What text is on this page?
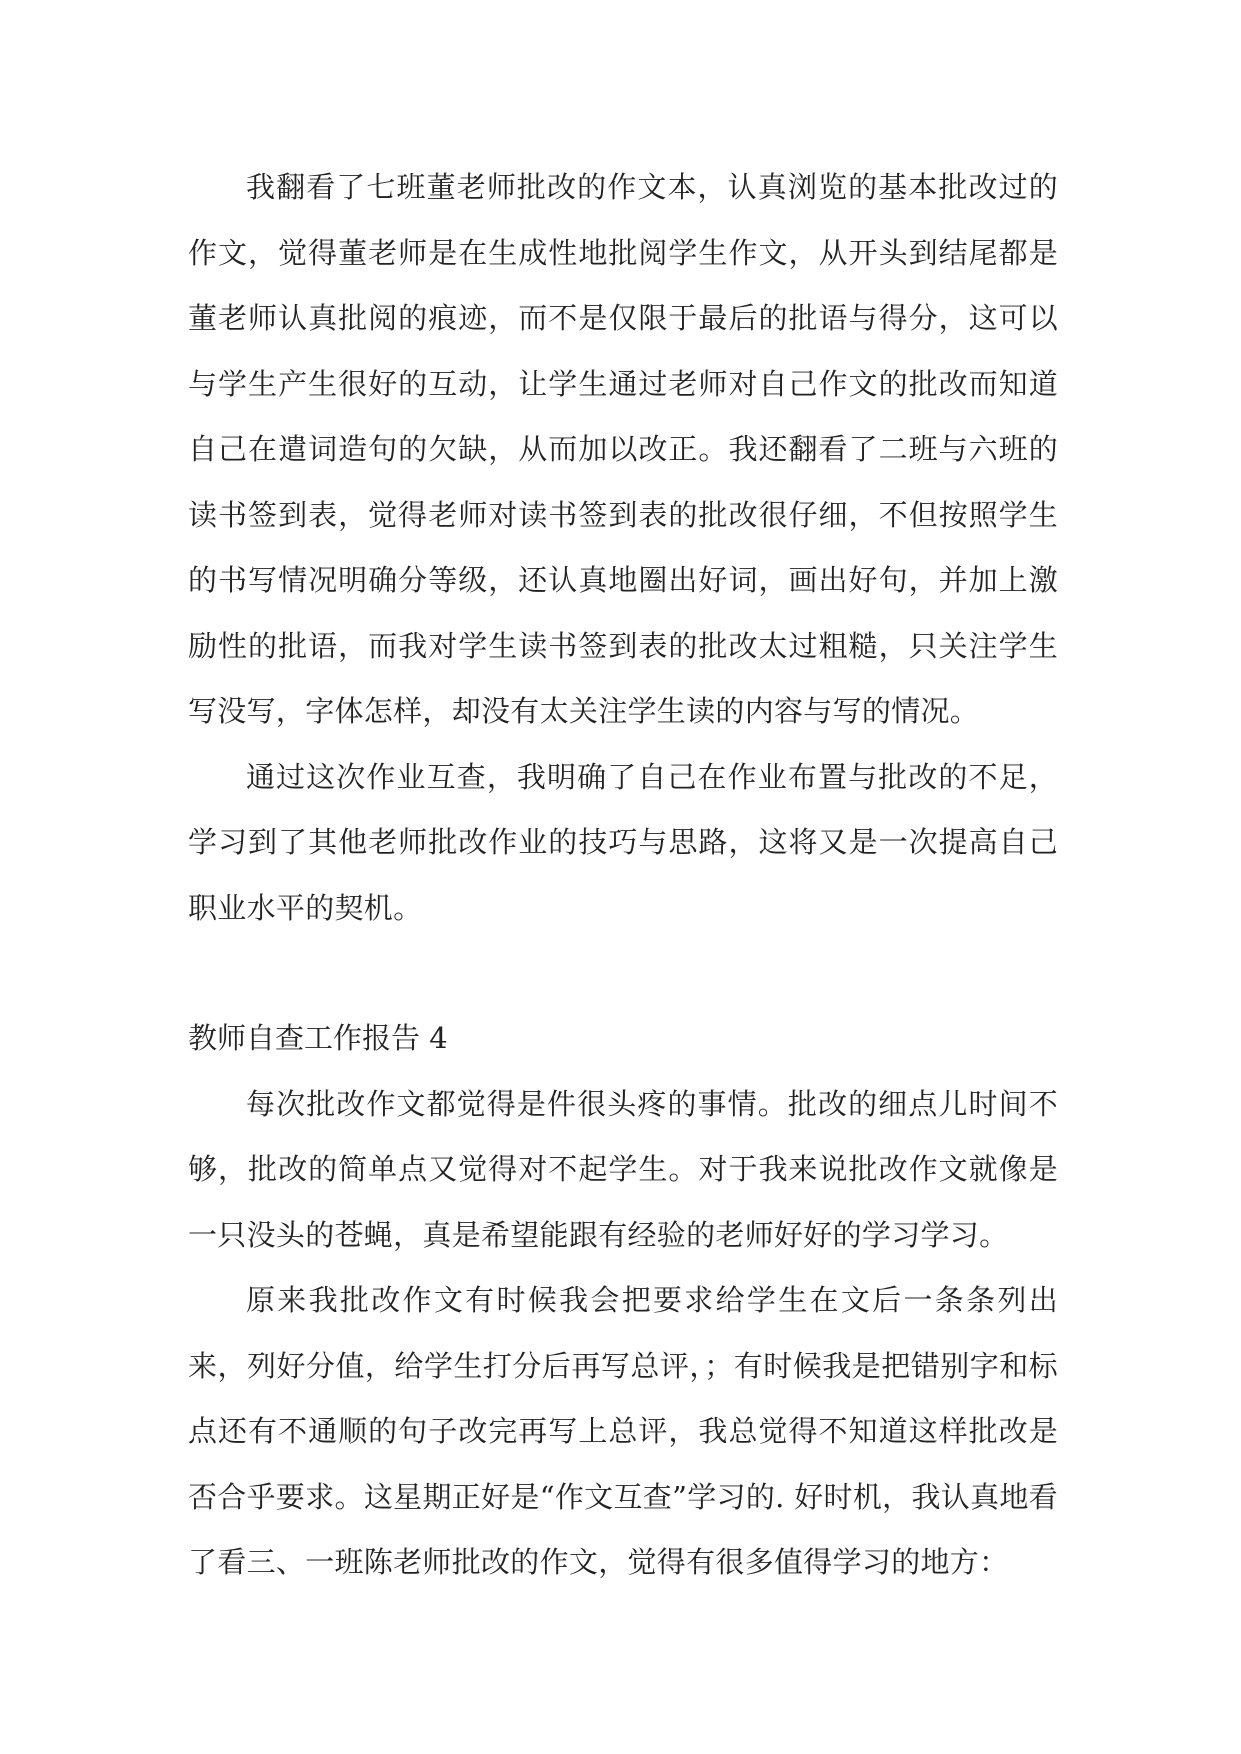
我翻看了七班董老师批改的作文本，认真浏览的基本批改过的作文，觉得董老师是在生成性地批阅学生作文，从开头到结尾都是董老师认真批阅的痕迹，而不是仅限于最后的批语与得分，这可以与学生产生很好的互动，让学生通过老师对自己作文的批改而知道自己在遣词造句的欠缺，从而加以改正。我还翻看了二班与六班的读书签到表，觉得老师对读书签到表的批改很仔细，不但按照学生的书写情况明确分等级，还认真地圈出好词，画出好句，并加上激励性的批语，而我对学生读书签到表的批改太过粗糙，只关注学生写没写，字体怎样，却没有太关注学生读的内容与写的情况。

通过这次作业互查，我明确了自己在作业布置与批改的不足，学习到了其他老师批改作业的技巧与思路，这将又是一次提高自己职业水平的契机。

教师自查工作报告 4

每次批改作文都觉得是件很头疼的事情。批改的细点儿时间不够，批改的简单点又觉得对不起学生。对于我来说批改作文就像是一只没头的苍蝇，真是希望能跟有经验的老师好好的学习学习。

原来我批改作文有时候我会把要求给学生在文后一条条列出来，列好分值，给学生打分后再写总评，；有时候我是把错别字和标点还有不通顺的句子改完再写上总评，我总觉得不知道这样批改是否合乎要求。这星期正好是“作文互查”学习的. 好时机，我认真地看了看三、一班陈老师批改的作文，觉得有很多值得学习的地方：
